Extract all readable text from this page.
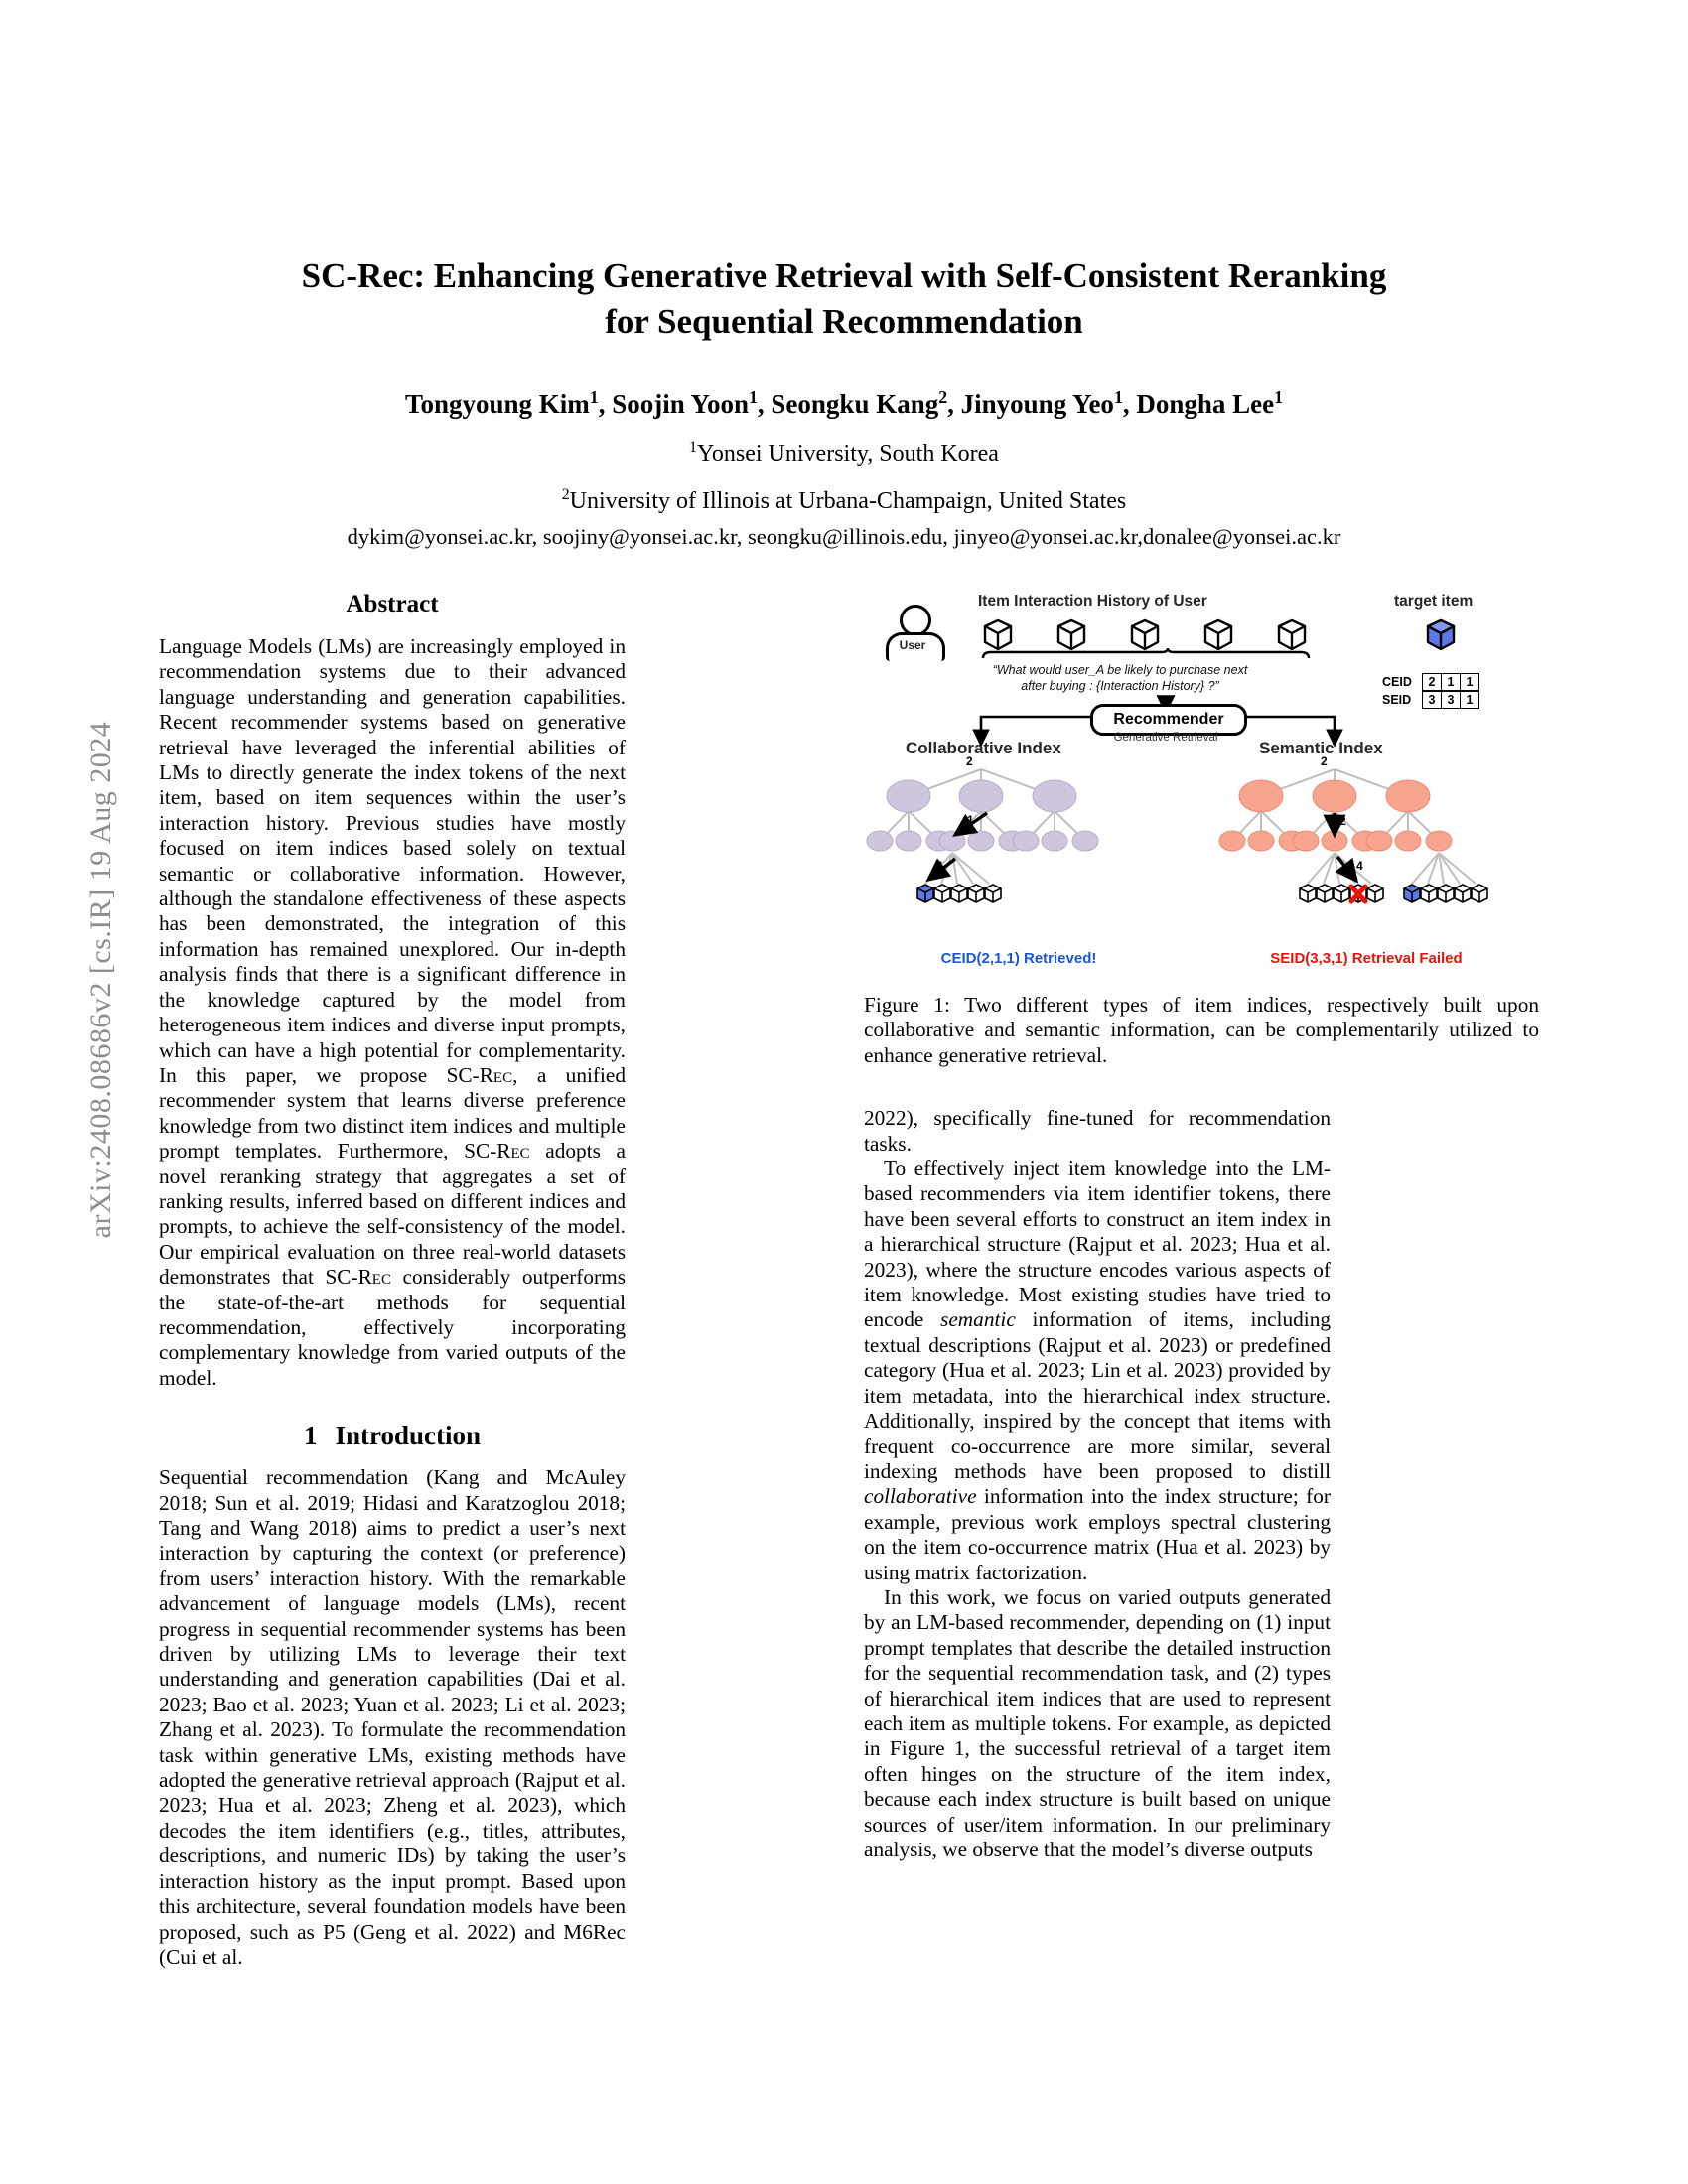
arXiv:2408.08686v2 [cs.IR] 19 Aug 2024
SC-Rec: Enhancing Generative Retrieval with Self-Consistent Reranking
for Sequential Recommendation
Tongyoung Kim$^1$, Soojin Yoon$^1$, Seongku Kang$^2$, Jinyoung Yeo$^1$, Dongha Lee$^1$
$^1$Yonsei University, South Korea
$^2$University of Illinois at Urbana-Champaign, United States
dykim@yonsei.ac.kr, soojiny@yonsei.ac.kr, seongku@illinois.edu, jinyeo@yonsei.ac.kr,donalee@yonsei.ac.kr
Abstract

Language Models (LMs) are increasingly employed in recommendation systems due to their advanced language understanding and generation capabilities. Recent recommender systems based on generative retrieval have leveraged the inferential abilities of LMs to directly generate the index tokens of the next item, based on item sequences within the user’s interaction history. Previous studies have mostly focused on item indices based solely on textual semantic or collaborative information. However, although the standalone effectiveness of these aspects has been demonstrated, the integration of this information has remained unexplored. Our in-depth analysis finds that there is a significant difference in the knowledge captured by the model from heterogeneous item indices and diverse input prompts, which can have a high potential for complementarity. In this paper, we propose SC-Rec, a unified recommender system that learns diverse preference knowledge from two distinct item indices and multiple prompt templates. Furthermore, SC-Rec adopts a novel reranking strategy that aggregates a set of ranking results, inferred based on different indices and prompts, to achieve the self-consistency of the model. Our empirical evaluation on three real-world datasets demonstrates that SC-Rec considerably outperforms the state-of-the-art methods for sequential recommendation, effectively incorporating complementary knowledge from varied outputs of the model.

1 Introduction

Sequential recommendation (Kang and McAuley 2018; Sun et al. 2019; Hidasi and Karatzoglou 2018; Tang and Wang 2018) aims to predict a user’s next interaction by capturing the context (or preference) from users’ interaction history. With the remarkable advancement of language models (LMs), recent progress in sequential recommender systems has been driven by utilizing LMs to leverage their text understanding and generation capabilities (Dai et al. 2023; Bao et al. 2023; Yuan et al. 2023; Li et al. 2023; Zhang et al. 2023). To formulate the recommendation task within generative LMs, existing methods have adopted the generative retrieval approach (Rajput et al. 2023; Hua et al. 2023; Zheng et al. 2023), which decodes the item identifiers (e.g., titles, attributes, descriptions, and numeric IDs) by taking the user’s interaction history as the input prompt. Based upon this architecture, several foundation models have been proposed, such as P5 (Geng et al. 2022) and M6Rec (Cui et al.

2
1
1
2
2
4
Item Interaction History of User	target item
User
“What would user_A be likely to purchase next
after buying : {Interaction History} ?”
Recommender
Generative Retrieval
Collaborative Index	Semantic Index
CEID	2 1 1
SEID	3 3 1
CEID(2,1,1) Retrieved!	SEID(3,3,1) Retrieval Failed
Figure 1: Two different types of item indices, respectively built upon collaborative and semantic information, can be complementarily utilized to enhance generative retrieval.

2022), specifically fine-tuned for recommendation tasks.

To effectively inject item knowledge into the LM-based recommenders via item identifier tokens, there have been several efforts to construct an item index in a hierarchical structure (Rajput et al. 2023; Hua et al. 2023), where the structure encodes various aspects of item knowledge. Most existing studies have tried to encode semantic information of items, including textual descriptions (Rajput et al. 2023) or predefined category (Hua et al. 2023; Lin et al. 2023) provided by item metadata, into the hierarchical index structure. Additionally, inspired by the concept that items with frequent co-occurrence are more similar, several indexing methods have been proposed to distill collaborative information into the index structure; for example, previous work employs spectral clustering on the item co-occurrence matrix (Hua et al. 2023) by using matrix factorization.

In this work, we focus on varied outputs generated by an LM-based recommender, depending on (1) input prompt templates that describe the detailed instruction for the sequential recommendation task, and (2) types of hierarchical item indices that are used to represent each item as multiple tokens. For example, as depicted in Figure 1, the successful retrieval of a target item often hinges on the structure of the item index, because each index structure is built based on unique sources of user/item information. In our preliminary analysis, we observe that the model’s diverse outputs
